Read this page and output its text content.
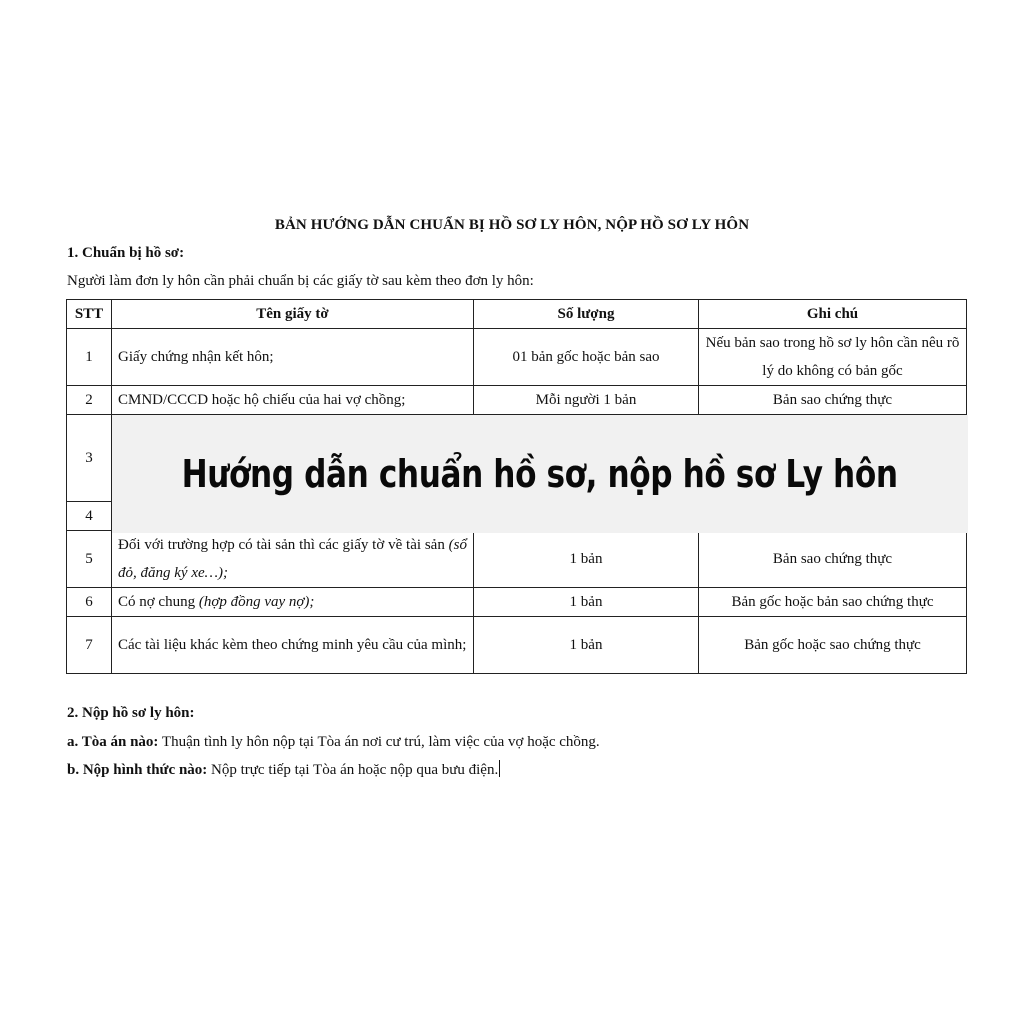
BẢN HƯỚNG DẪN CHUẨN BỊ HỒ SƠ LY HÔN, NỘP HỒ SƠ LY HÔN
1. Chuẩn bị hồ sơ:
Người làm đơn ly hôn cần phải chuẩn bị các giấy tờ sau kèm theo đơn ly hôn:
STT	Tên giấy tờ	Số lượng	Ghi chú
1	Giấy chứng nhận kết hôn;	01 bản gốc hoặc bản sao	Nếu bản sao trong hồ sơ ly hôn cần nêu rõ lý do không có bản gốc
2	CMND/CCCD hoặc hộ chiếu của hai vợ chồng;	Mỗi người 1 bản	Bản sao chứng thực
3			
4			
5	Đối với trường hợp có tài sản thì các giấy tờ về tài sản (sổ đỏ, đăng ký xe…);	1 bản	Bản sao chứng thực
6	Có nợ chung (hợp đồng vay nợ);	1 bản	Bản gốc hoặc bản sao chứng thực
7	Các tài liệu khác kèm theo chứng minh yêu cầu của mình;	1 bản	Bản gốc hoặc sao chứng thực
Hướng dẫn chuẩn hồ sơ, nộp hồ sơ Ly hôn
2. Nộp hồ sơ ly hôn:
a. Tòa án nào: Thuận tình ly hôn nộp tại Tòa án nơi cư trú, làm việc của vợ hoặc chồng.
b. Nộp hình thức nào: Nộp trực tiếp tại Tòa án hoặc nộp qua bưu điện.
